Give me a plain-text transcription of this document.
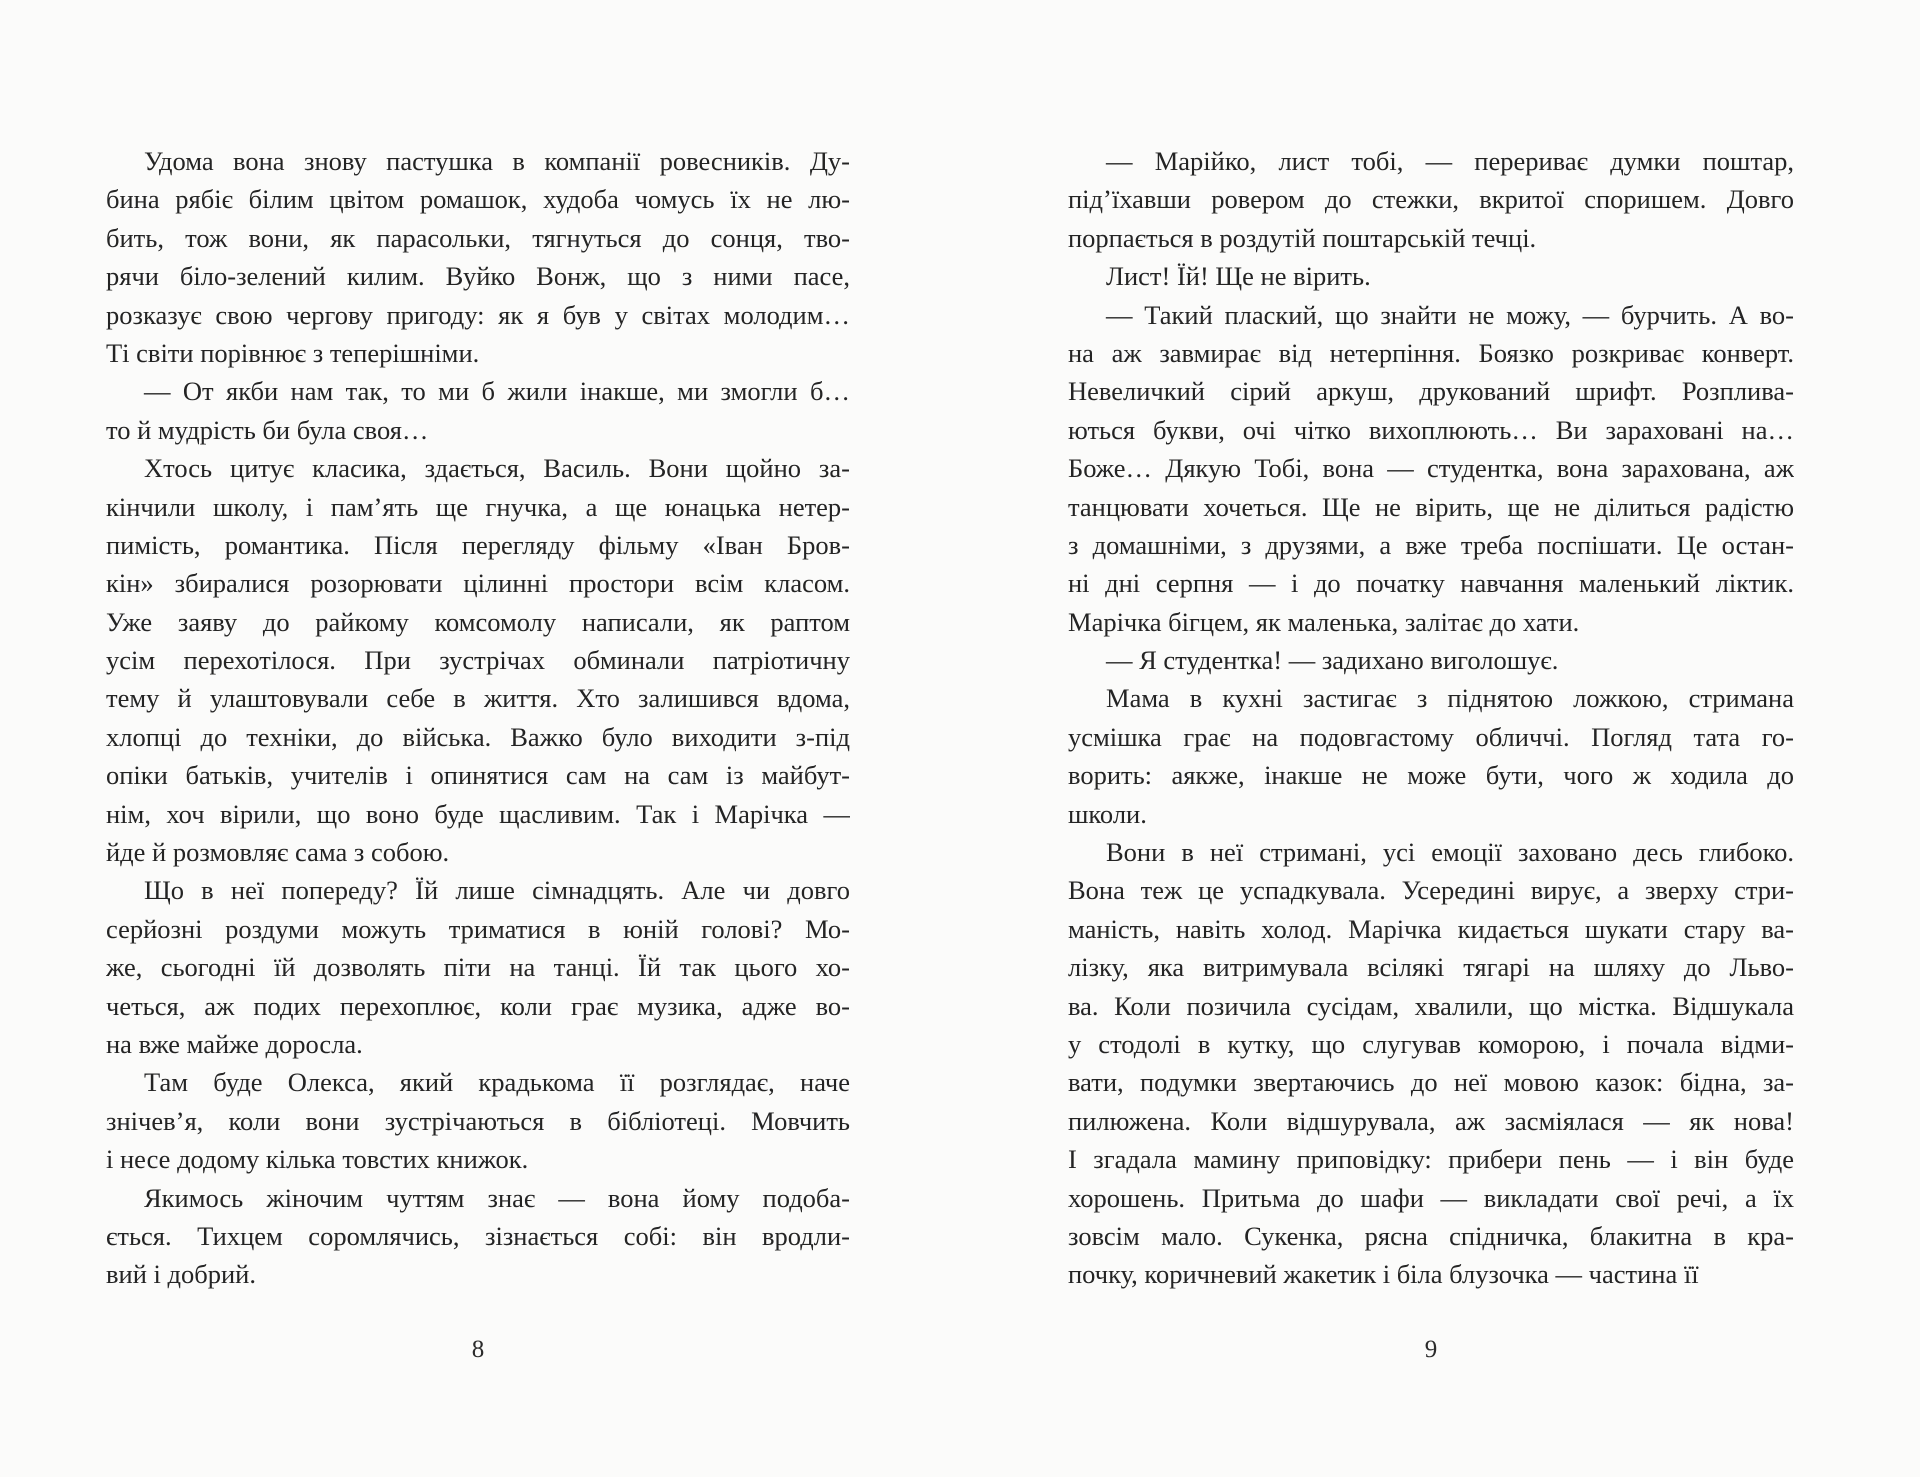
Удома вона знову пастушка в компанії ровесників. Ду-
бина рябіє білим цвітом ромашок, худоба чомусь їх не лю-
бить, тож вони, як парасольки, тягнуться до сонця, тво-
рячи біло-зелений килим. Вуйко Вонж, що з ними пасе,
розказує свою чергову пригоду: як я був у світах молодим…
Ті світи порівнює з теперішніми.
— От якби нам так, то ми б жили інакше, ми змогли б…
то й мудрість би була своя…
Хтось цитує класика, здається, Василь. Вони щойно за-
кінчили школу, і пам’ять ще гнучка, а ще юнацька нетер-
пимість, романтика. Після перегляду фільму «Іван Бров-
кін» збиралися розорювати цілинні простори всім класом.
Уже заяву до райкому комсомолу написали, як раптом
усім перехотілося. При зустрічах обминали патріотичну
тему й улаштовували себе в життя. Хто залишився вдома,
хлопці до техніки, до війська. Важко було виходити з-під
опіки батьків, учителів і опинятися сам на сам із майбут-
нім, хоч вірили, що воно буде щасливим. Так і Марічка —
йде й розмовляє сама з собою.
Що в неї попереду? Їй лише сімнадцять. Але чи довго
серйозні роздуми можуть триматися в юній голові? Мо-
же, сьогодні їй дозволять піти на танці. Їй так цього хо-
четься, аж подих перехоплює, коли грає музика, адже во-
на вже майже доросла.
Там буде Олекса, який крадькома її розглядає, наче
знічев’я, коли вони зустрічаються в бібліотеці. Мовчить
і несе додому кілька товстих книжок.
Якимось жіночим чуттям знає — вона йому подоба-
ється. Тихцем соромлячись, зізнається собі: він вродли-
вий і добрий.
— Марійко, лист тобі, — перериває думки поштар,
під’їхавши ровером до стежки, вкритої споришем. Довго
порпається в роздутій поштарській течці.
Лист! Їй! Ще не вірить.
— Такий плаский, що знайти не можу, — бурчить. А во-
на аж завмирає від нетерпіння. Боязко розкриває конверт.
Невеличкий сірий аркуш, друкований шрифт. Розплива-
ються букви, очі чітко вихоплюють… Ви зараховані на…
Боже… Дякую Тобі, вона — студентка, вона зарахована, аж
танцювати хочеться. Ще не вірить, ще не ділиться радістю
з домашніми, з друзями, а вже треба поспішати. Це остан-
ні дні серпня — і до початку навчання маленький ліктик.
Марічка бігцем, як маленька, залітає до хати.
— Я студентка! — задихано виголошує.
Мама в кухні застигає з піднятою ложкою, стримана
усмішка грає на подовгастому обличчі. Погляд тата го-
ворить: аякже, інакше не може бути, чого ж ходила до
школи.
Вони в неї стримані, усі емоції заховано десь глибоко.
Вона теж це успадкувала. Усередині вирує, а зверху стри-
маність, навіть холод. Марічка кидається шукати стару ва-
лізку, яка витримувала всілякі тягарі на шляху до Льво-
ва. Коли позичила сусідам, хвалили, що містка. Відшукала
у стодолі в кутку, що слугував коморою, і почала відми-
вати, подумки звертаючись до неї мовою казок: бідна, за-
пилюжена. Коли відшурувала, аж засміялася — як нова!
І згадала мамину приповідку: прибери пень — і він буде
хорошень. Притьма до шафи — викладати свої речі, а їх
зовсім мало. Сукенка, рясна спідничка, блакитна в кра-
почку, коричневий жакетик і біла блузочка — частина її
8	9
